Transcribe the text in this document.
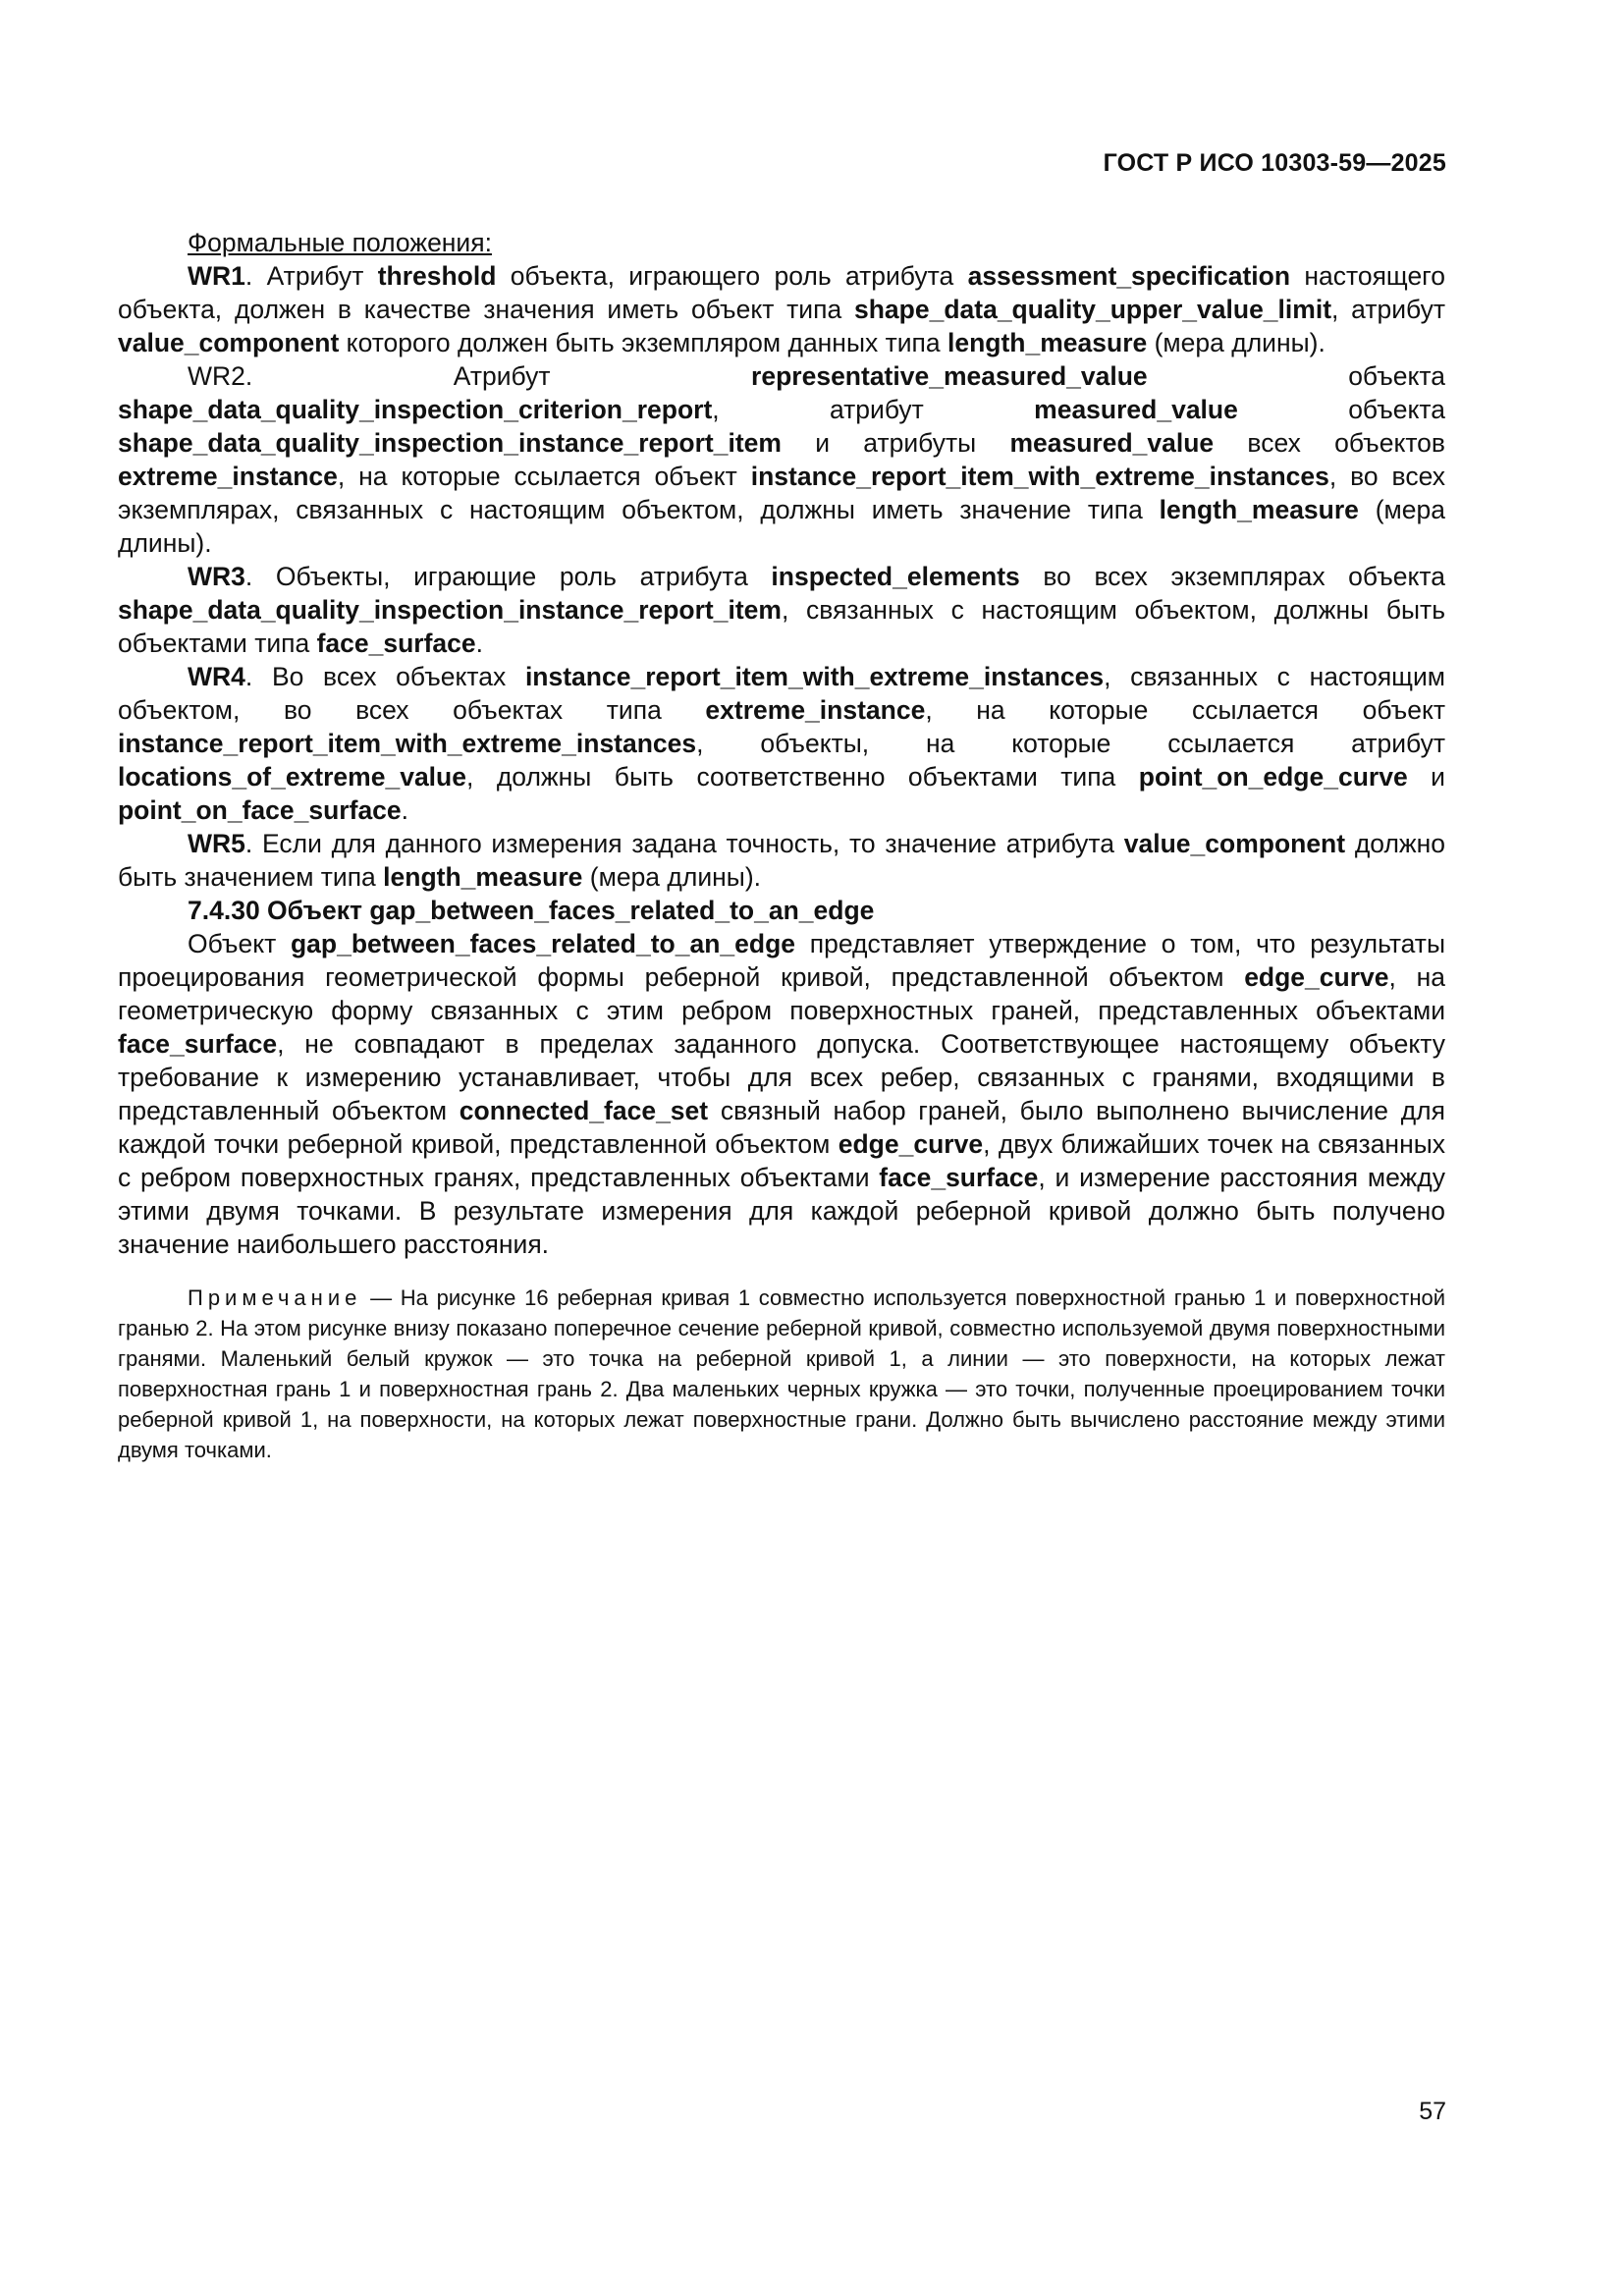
ГОСТ Р ИСО 10303-59—2025
Формальные положения:

WR1. Атрибут threshold объекта, играющего роль атрибута assessment_specification настоящего объекта, должен в качестве значения иметь объект типа shape_data_quality_upper_value_limit, атрибут value_component которого должен быть экземпляром данных типа length_measure (мера длины).

WR2. Атрибут representative_measured_value объекта shape_data_quality_inspection_criterion_report, атрибут measured_value объекта shape_data_quality_inspection_instance_report_item и атрибуты measured_value всех объектов extreme_instance, на которые ссылается объект instance_report_item_with_extreme_instances, во всех экземплярах, связанных с настоящим объектом, должны иметь значение типа length_measure (мера длины).

WR3. Объекты, играющие роль атрибута inspected_elements во всех экземплярах объекта shape_data_quality_inspection_instance_report_item, связанных с настоящим объектом, должны быть объектами типа face_surface.

WR4. Во всех объектах instance_report_item_with_extreme_instances, связанных с настоящим объектом, во всех объектах типа extreme_instance, на которые ссылается объект instance_report_item_with_extreme_instances, объекты, на которые ссылается атрибут locations_of_extreme_value, должны быть соответственно объектами типа point_on_edge_curve и point_on_face_surface.

WR5. Если для данного измерения задана точность, то значение атрибута value_component должно быть значением типа length_measure (мера длины).

7.4.30 Объект gap_between_faces_related_to_an_edge

Объект gap_between_faces_related_to_an_edge представляет утверждение о том, что результаты проецирования геометрической формы реберной кривой, представленной объектом edge_curve, на геометрическую форму связанных с этим ребром поверхностных граней, представленных объектами face_surface, не совпадают в пределах заданного допуска. Соответствующее настоящему объекту требование к измерению устанавливает, чтобы для всех ребер, связанных с гранями, входящими в представленный объектом connected_face_set связный набор граней, было выполнено вычисление для каждой точки реберной кривой, представленной объектом edge_curve, двух ближайших точек на связанных с ребром поверхностных гранях, представленных объектами face_surface, и измерение расстояния между этими двумя точками. В результате измерения для каждой реберной кривой должно быть получено значение наибольшего расстояния.

Примечание — На рисунке 16 реберная кривая 1 совместно используется поверхностной гранью 1 и поверхностной гранью 2. На этом рисунке внизу показано поперечное сечение реберной кривой, совместно используемой двумя поверхностными гранями. Маленький белый кружок — это точка на реберной кривой 1, а линии — это поверхности, на которых лежат поверхностная грань 1 и поверхностная грань 2. Два маленьких черных кружка — это точки, полученные проецированием точки реберной кривой 1, на поверхности, на которых лежат поверхностные грани. Должно быть вычислено расстояние между этими двумя точками.

57
